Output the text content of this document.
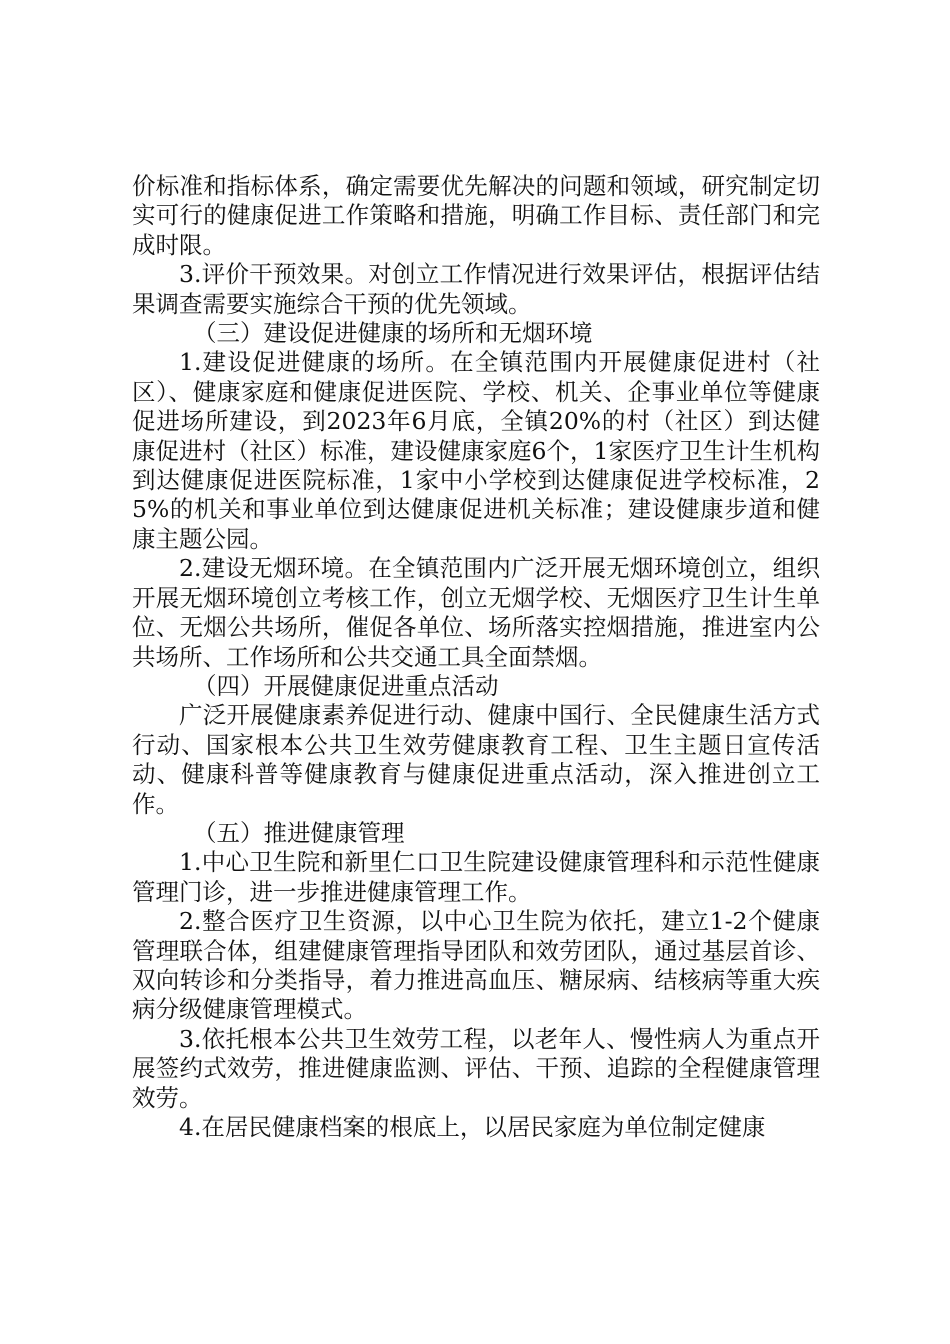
价标准和指标体系，确定需要优先解决的问题和领域，研究制定切实可行的健康促进工作策略和措施，明确工作目标、责任部门和完成时限。

3.评价干预效果。对创立工作情况进行效果评估，根据评估结果调查需要实施综合干预的优先领域。

（三）建设促进健康的场所和无烟环境

1.建设促进健康的场所。在全镇范围内开展健康促进村（社区）、健康家庭和健康促进医院、学校、机关、企事业单位等健康促进场所建设，到2023年6月底，全镇20%的村（社区）到达健康促进村（社区）标准，建设健康家庭6个，1家医疗卫生计生机构到达健康促进医院标准，1家中小学校到达健康促进学校标准，25%的机关和事业单位到达健康促进机关标准；建设健康步道和健康主题公园。

2.建设无烟环境。在全镇范围内广泛开展无烟环境创立，组织开展无烟环境创立考核工作，创立无烟学校、无烟医疗卫生计生单位、无烟公共场所，催促各单位、场所落实控烟措施，推进室内公共场所、工作场所和公共交通工具全面禁烟。

（四）开展健康促进重点活动

广泛开展健康素养促进行动、健康中国行、全民健康生活方式行动、国家根本公共卫生效劳健康教育工程、卫生主题日宣传活动、健康科普等健康教育与健康促进重点活动，深入推进创立工作。

（五）推进健康管理

1.中心卫生院和新里仁口卫生院建设健康管理科和示范性健康管理门诊，进一步推进健康管理工作。

2.整合医疗卫生资源，以中心卫生院为依托，建立1-2个健康管理联合体，组建健康管理指导团队和效劳团队，通过基层首诊、双向转诊和分类指导，着力推进高血压、糖尿病、结核病等重大疾病分级健康管理模式。

3.依托根本公共卫生效劳工程，以老年人、慢性病人为重点开展签约式效劳，推进健康监测、评估、干预、追踪的全程健康管理效劳。

4.在居民健康档案的根底上，以居民家庭为单位制定健康
